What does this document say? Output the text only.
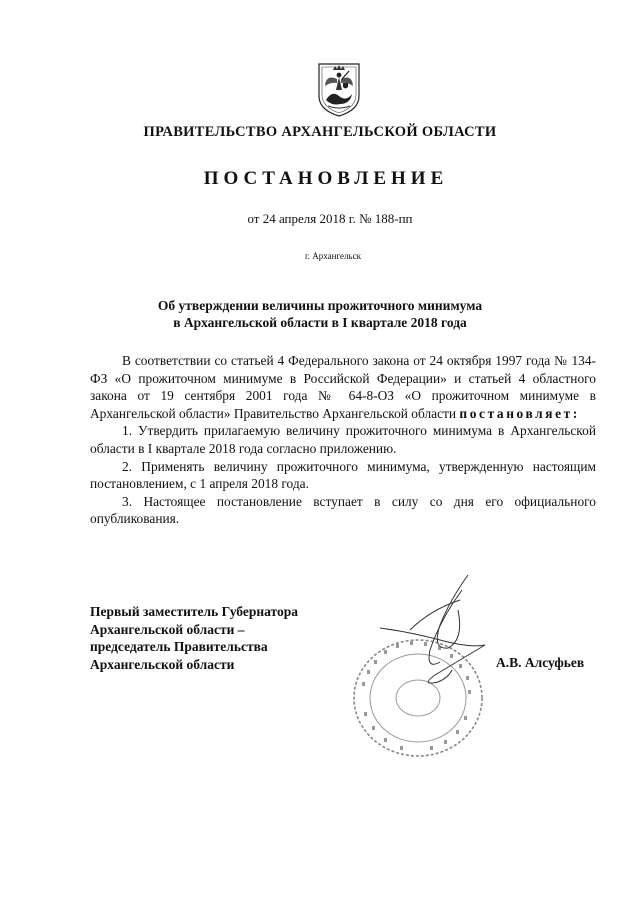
ПРАВИТЕЛЬСТВО АРХАНГЕЛЬСКОЙ ОБЛАСТИ
ПОСТАНОВЛЕНИЕ
от 24 апреля 2018 г. № 188-пп
г. Архангельск
Об утверждении величины прожиточного минимума
в Архангельской области в I квартале 2018 года

В соответствии со статьей 4 Федерального закона от 24 октября 1997 года № 134-ФЗ «О прожиточном минимуме в Российской Федерации» и статьей 4 областного закона от 19 сентября 2001 года № 64-8-ОЗ «О прожиточном минимуме в Архангельской области» Правительство Архангельской области постановляет:

1. Утвердить прилагаемую величину прожиточного минимума в Архангельской области в I квартале 2018 года согласно приложению.

2. Применять величину прожиточного минимума, утвержденную настоящим постановлением, с 1 апреля 2018 года.

3. Настоящее постановление вступает в силу со дня его официального опубликования.

Первый заместитель Губернатора
Архангельской области –
председатель Правительства
Архангельской области	А.В. Алсуфьев
